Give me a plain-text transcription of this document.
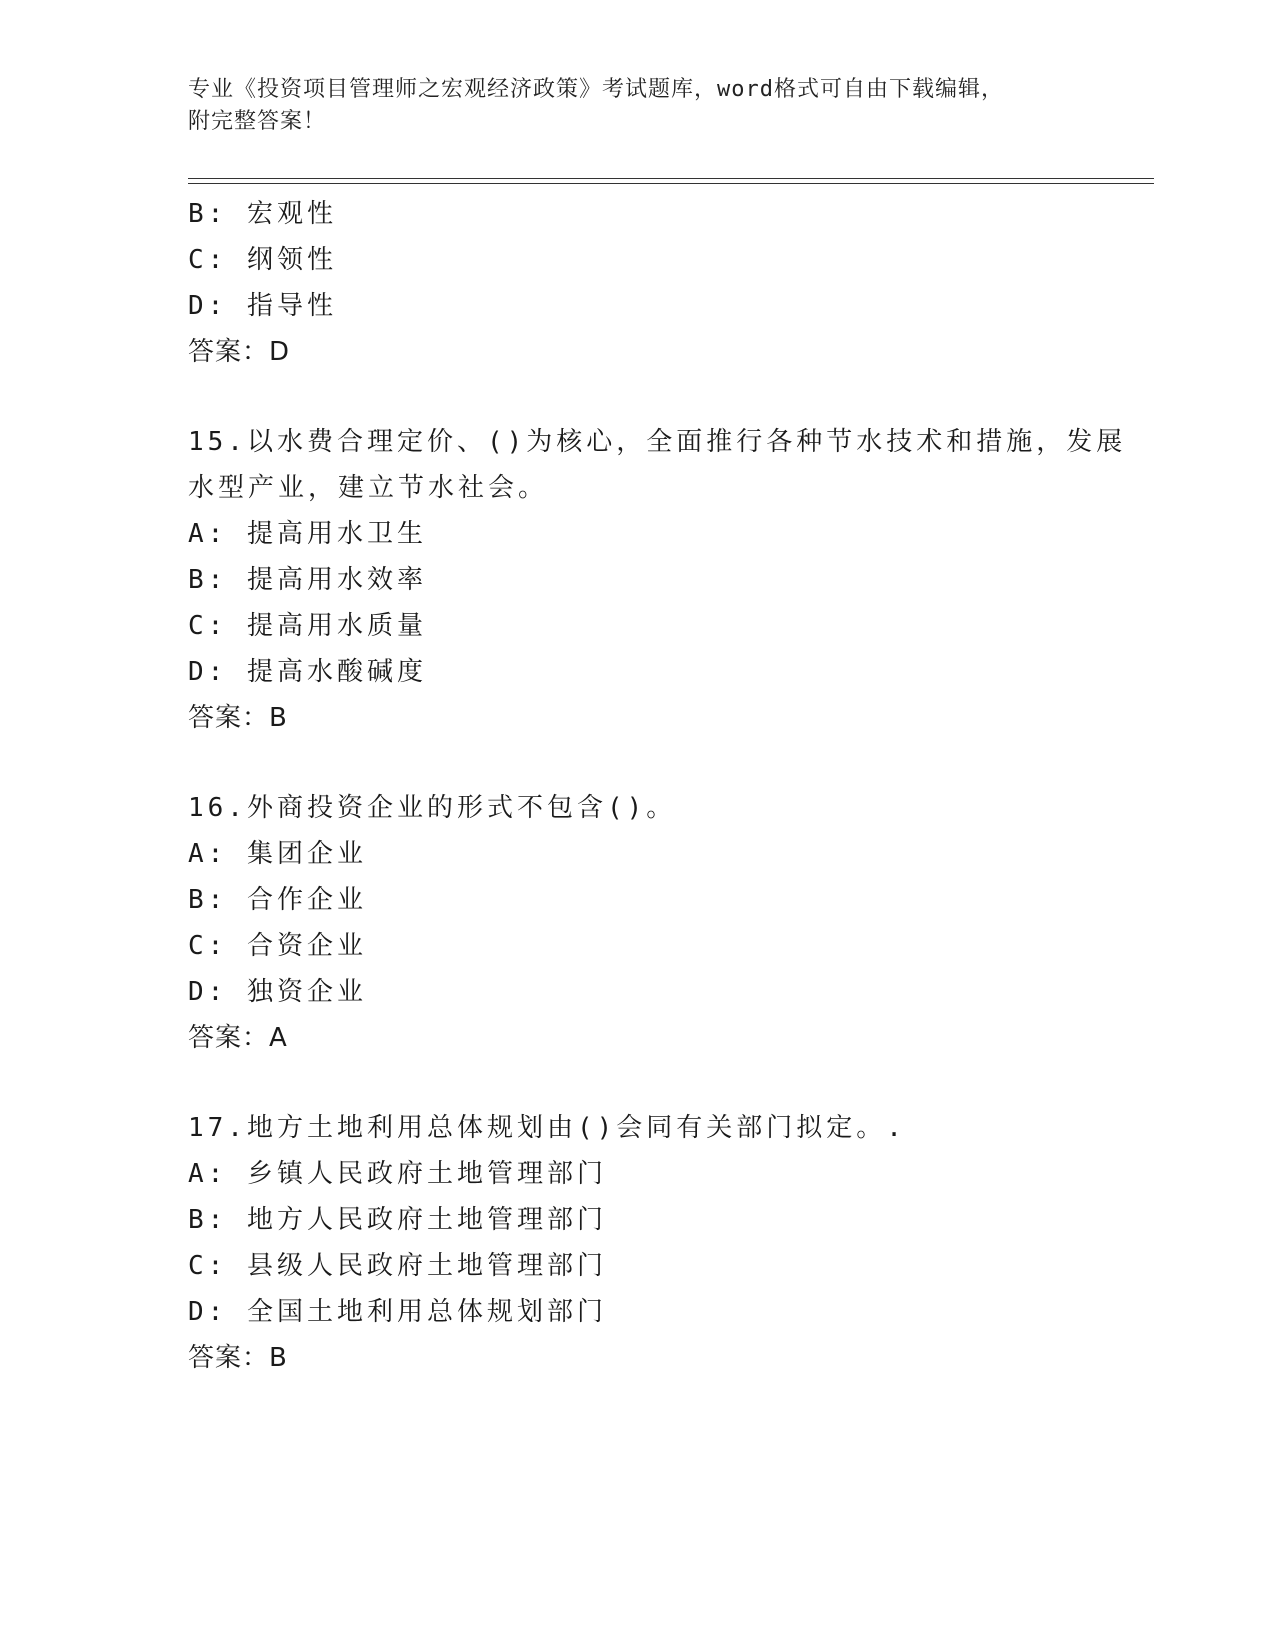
专业《投资项目管理师之宏观经济政策》考试题库，word格式可自由下载编辑，
附完整答案！
B: 宏观性
C: 纲领性
D: 指导性
答案：D
15.以水费合理定价、()为核心，全面推行各种节水技术和措施，发展
水型产业，建立节水社会。
A: 提高用水卫生
B: 提高用水效率
C: 提高用水质量
D: 提高水酸碱度
答案：B
16.外商投资企业的形式不包含()。
A: 集团企业
B: 合作企业
C: 合资企业
D: 独资企业
答案：A
17.地方土地利用总体规划由()会同有关部门拟定。.
A: 乡镇人民政府土地管理部门
B: 地方人民政府土地管理部门
C: 县级人民政府土地管理部门
D: 全国土地利用总体规划部门
答案：B
